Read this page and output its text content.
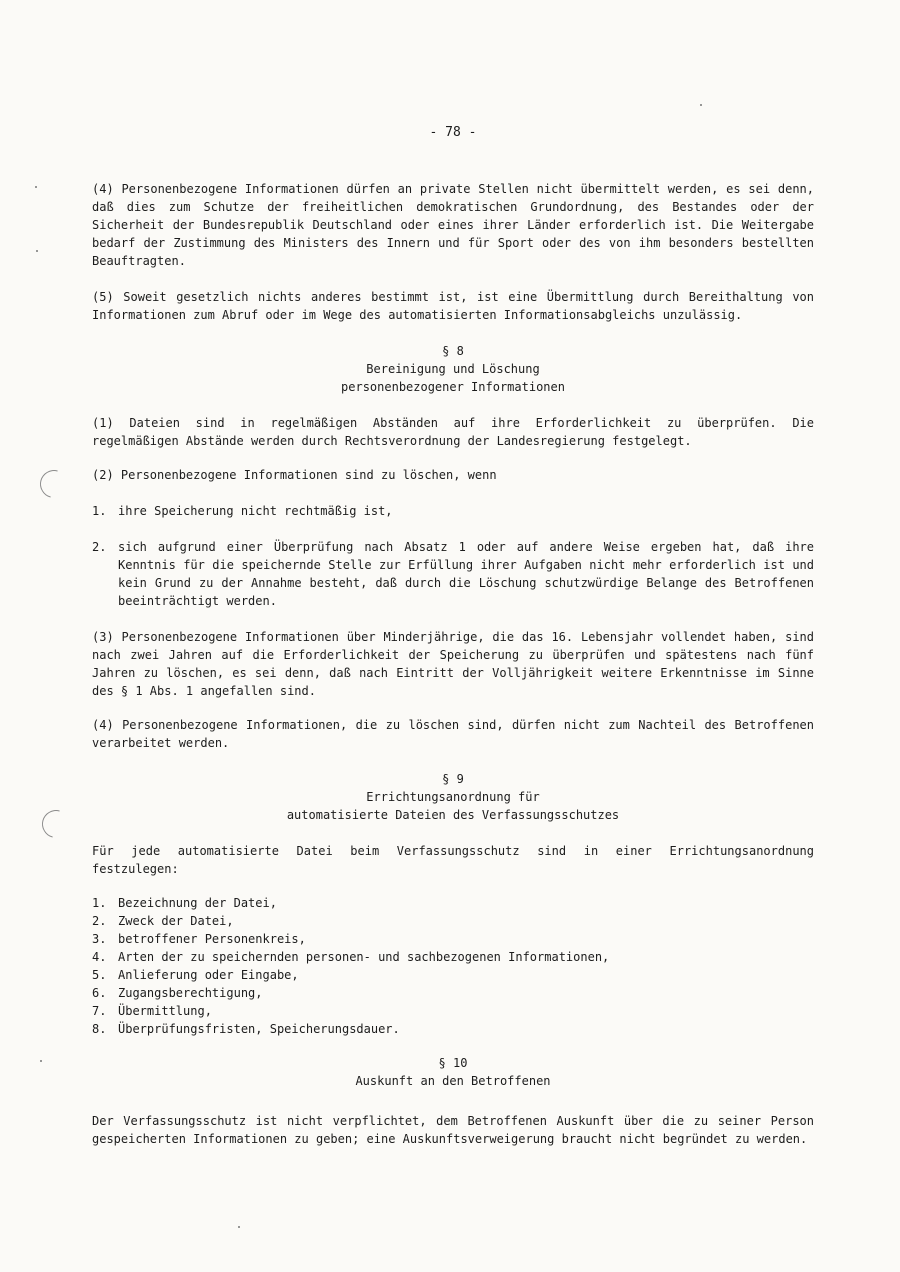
- 78 -

(4) Personenbezogene Informationen dürfen an private Stellen nicht übermittelt werden, es sei denn, daß dies zum Schutze der freiheitlichen demokratischen Grundordnung, des Bestandes oder der Sicherheit der Bundesrepublik Deutschland oder eines ihrer Länder erforderlich ist. Die Weitergabe bedarf der Zustimmung des Ministers des Innern und für Sport oder des von ihm besonders bestellten Beauftragten.

(5) Soweit gesetzlich nichts anderes bestimmt ist, ist eine Übermittlung durch Bereithaltung von Informationen zum Abruf oder im Wege des automatisierten Informationsabgleichs unzulässig.

§ 8

Bereinigung und Löschung

personenbezogener Informationen

(1) Dateien sind in regelmäßigen Abständen auf ihre Erforderlichkeit zu überprüfen. Die regelmäßigen Abstände werden durch Rechtsverordnung der Landesregierung festgelegt.

(2) Personenbezogene Informationen sind zu löschen, wenn

1. ihre Speicherung nicht rechtmäßig ist,
2. sich aufgrund einer Überprüfung nach Absatz 1 oder auf andere Weise ergeben hat, daß ihre Kenntnis für die speichernde Stelle zur Erfüllung ihrer Aufgaben nicht mehr erforderlich ist und kein Grund zu der Annahme besteht, daß durch die Löschung schutzwürdige Belange des Betroffenen beeinträchtigt werden.

(3) Personenbezogene Informationen über Minderjährige, die das 16. Lebensjahr vollendet haben, sind nach zwei Jahren auf die Erforderlichkeit der Speicherung zu überprüfen und spätestens nach fünf Jahren zu löschen, es sei denn, daß nach Eintritt der Volljährigkeit weitere Erkenntnisse im Sinne des § 1 Abs. 1 angefallen sind.

(4) Personenbezogene Informationen, die zu löschen sind, dürfen nicht zum Nachteil des Betroffenen verarbeitet werden.

§ 9

Errichtungsanordnung für

automatisierte Dateien des Verfassungsschutzes

Für jede automatisierte Datei beim Verfassungsschutz sind in einer Errichtungsanordnung festzulegen:

1. Bezeichnung der Datei,
2. Zweck der Datei,
3. betroffener Personenkreis,
4. Arten der zu speichernden personen- und sachbezogenen Informationen,
5. Anlieferung oder Eingabe,
6. Zugangsberechtigung,
7. Übermittlung,
8. Überprüfungsfristen, Speicherungsdauer.

§ 10

Auskunft an den Betroffenen

Der Verfassungsschutz ist nicht verpflichtet, dem Betroffenen Auskunft über die zu seiner Person gespeicherten Informationen zu geben; eine Auskunftsverweigerung braucht nicht begründet zu werden.
